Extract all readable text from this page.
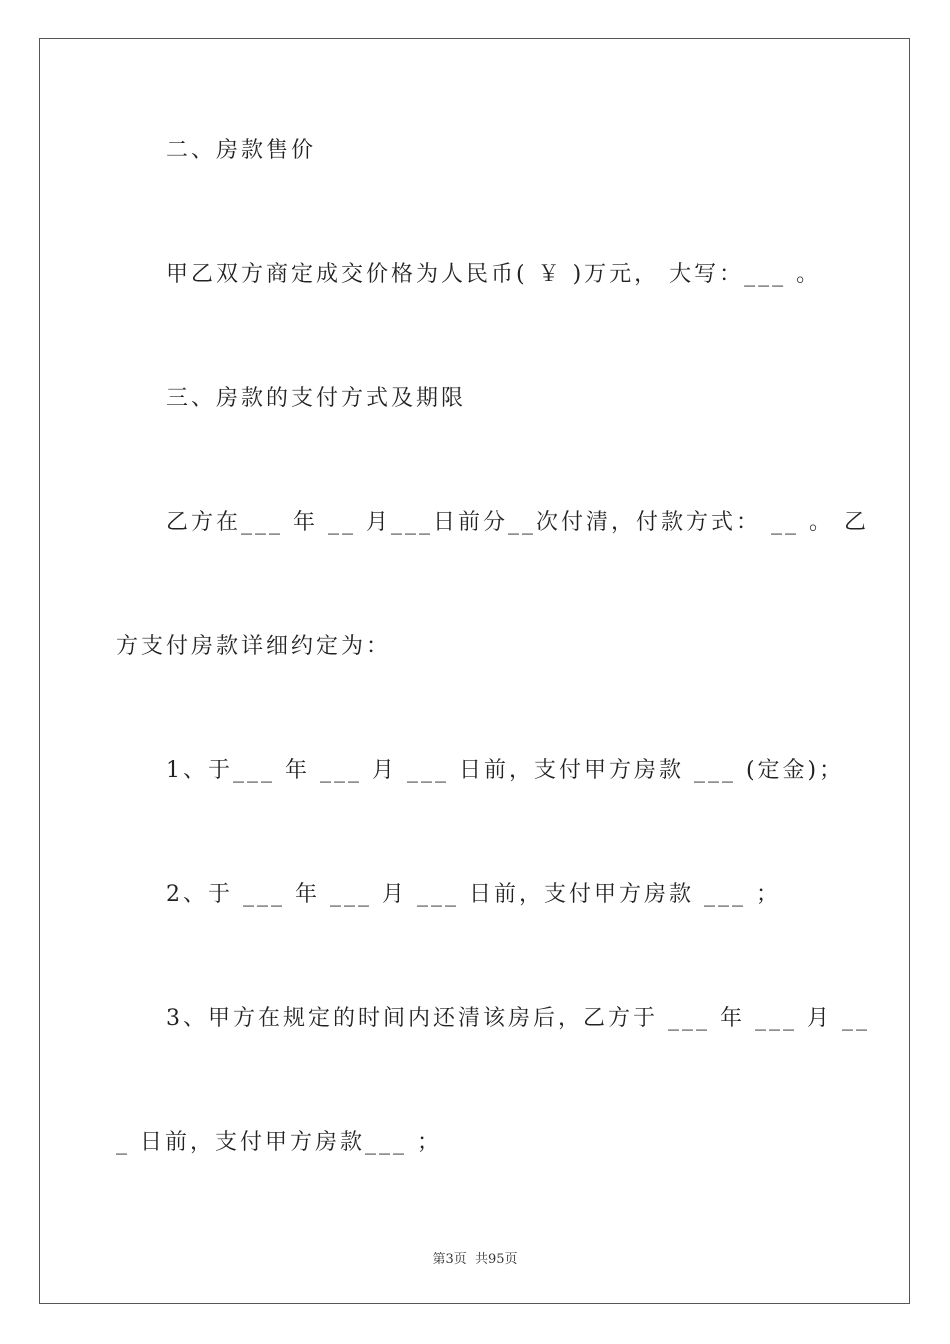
二、房款售价

甲乙双方商定成交价格为人民币( ￥ )万元， 大写：___ 。

三、房款的支付方式及期限

乙方在___ 年 __ 月___日前分__次付清，付款方式： __ 。 乙

方支付房款详细约定为：

1、于___ 年 ___ 月 ___ 日前，支付甲方房款 ___ (定金)；

2、于 ___ 年 ___ 月 ___ 日前，支付甲方房款 ___ ；

3、甲方在规定的时间内还清该房后，乙方于 ___ 年 ___ 月 __

_ 日前，支付甲方房款___ ；

第3页  共95页
